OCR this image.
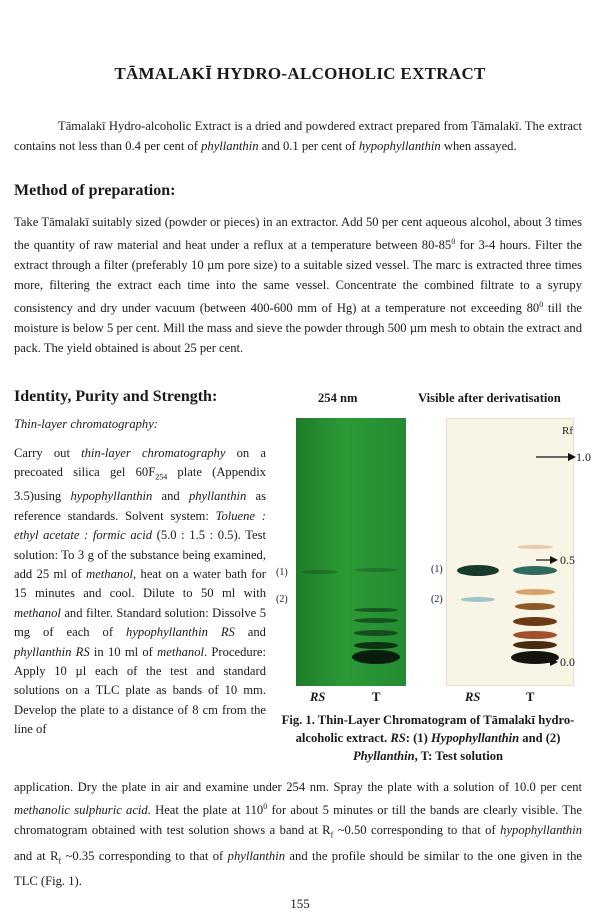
TĀMALAKĪ HYDRO-ALCOHOLIC EXTRACT
Tāmalakī Hydro-alcoholic Extract is a dried and powdered extract prepared from Tāmalakī. The extract contains not less than 0.4 per cent of phyllanthin and 0.1 per cent of hypophyllanthin when assayed.
Method of preparation:
Take Tāmalakī suitably sized (powder or pieces) in an extractor. Add 50 per cent aqueous alcohol, about 3 times the quantity of raw material and heat under a reflux at a temperature between $80-85^0$ for 3-4 hours. Filter the extract through a filter (preferably 10 µm pore size) to a suitable sized vessel. The marc is extracted three times more, filtering the extract each time into the same vessel. Concentrate the combined filtrate to a syrupy consistency and dry under vacuum (between 400-600 mm of Hg) at a temperature not exceeding $80^0$ till the moisture is below 5 per cent. Mill the mass and sieve the powder through 500 µm mesh to obtain the extract and pack. The yield obtained is about 25 per cent.
Identity, Purity and Strength:
Thin-layer chromatography:
Carry out thin-layer chromatography on a precoated silica gel $60F_{254}$ plate (Appendix 3.5)using hypophyllanthin and phyllanthin as reference standards. Solvent system: Toluene : ethyl acetate : formic acid (5.0 : 1.5 : 0.5). Test solution: To 3 g of the substance being examined, add 25 ml of methanol, heat on a water bath for 15 minutes and cool. Dilute to 50 ml with methanol and filter. Standard solution: Dissolve 5 mg of each of hypophyllanthin RS and phyllanthin RS in 10 ml of methanol. Procedure: Apply 10 µl each of the test and standard solutions on a TLC plate as bands of 10 mm. Develop the plate to a distance of 8 cm from the line of
application. Dry the plate in air and examine under 254 nm. Spray the plate with a solution of 10.0 per cent methanolic sulphuric acid. Heat the plate at $110^0$ for about 5 minutes or till the bands are clearly visible. The chromatogram obtained with test solution shows a band at $R_f$ ~0.50 corresponding to that of hypophyllanthin and at $R_f$ ~0.35 corresponding to that of phyllanthin and the profile should be similar to the one given in the TLC (Fig. 1).
254 nm	Visible after derivatisation
(1)
(2)
(1)
(2)
Rf
1.0
0.5
0.0
RS	T	RS	T
Fig. 1. Thin-Layer Chromatogram of Tāmalakī hydro-alcoholic extract. RS: (1) Hypophyllanthin and (2) Phyllanthin, T: Test solution
155
